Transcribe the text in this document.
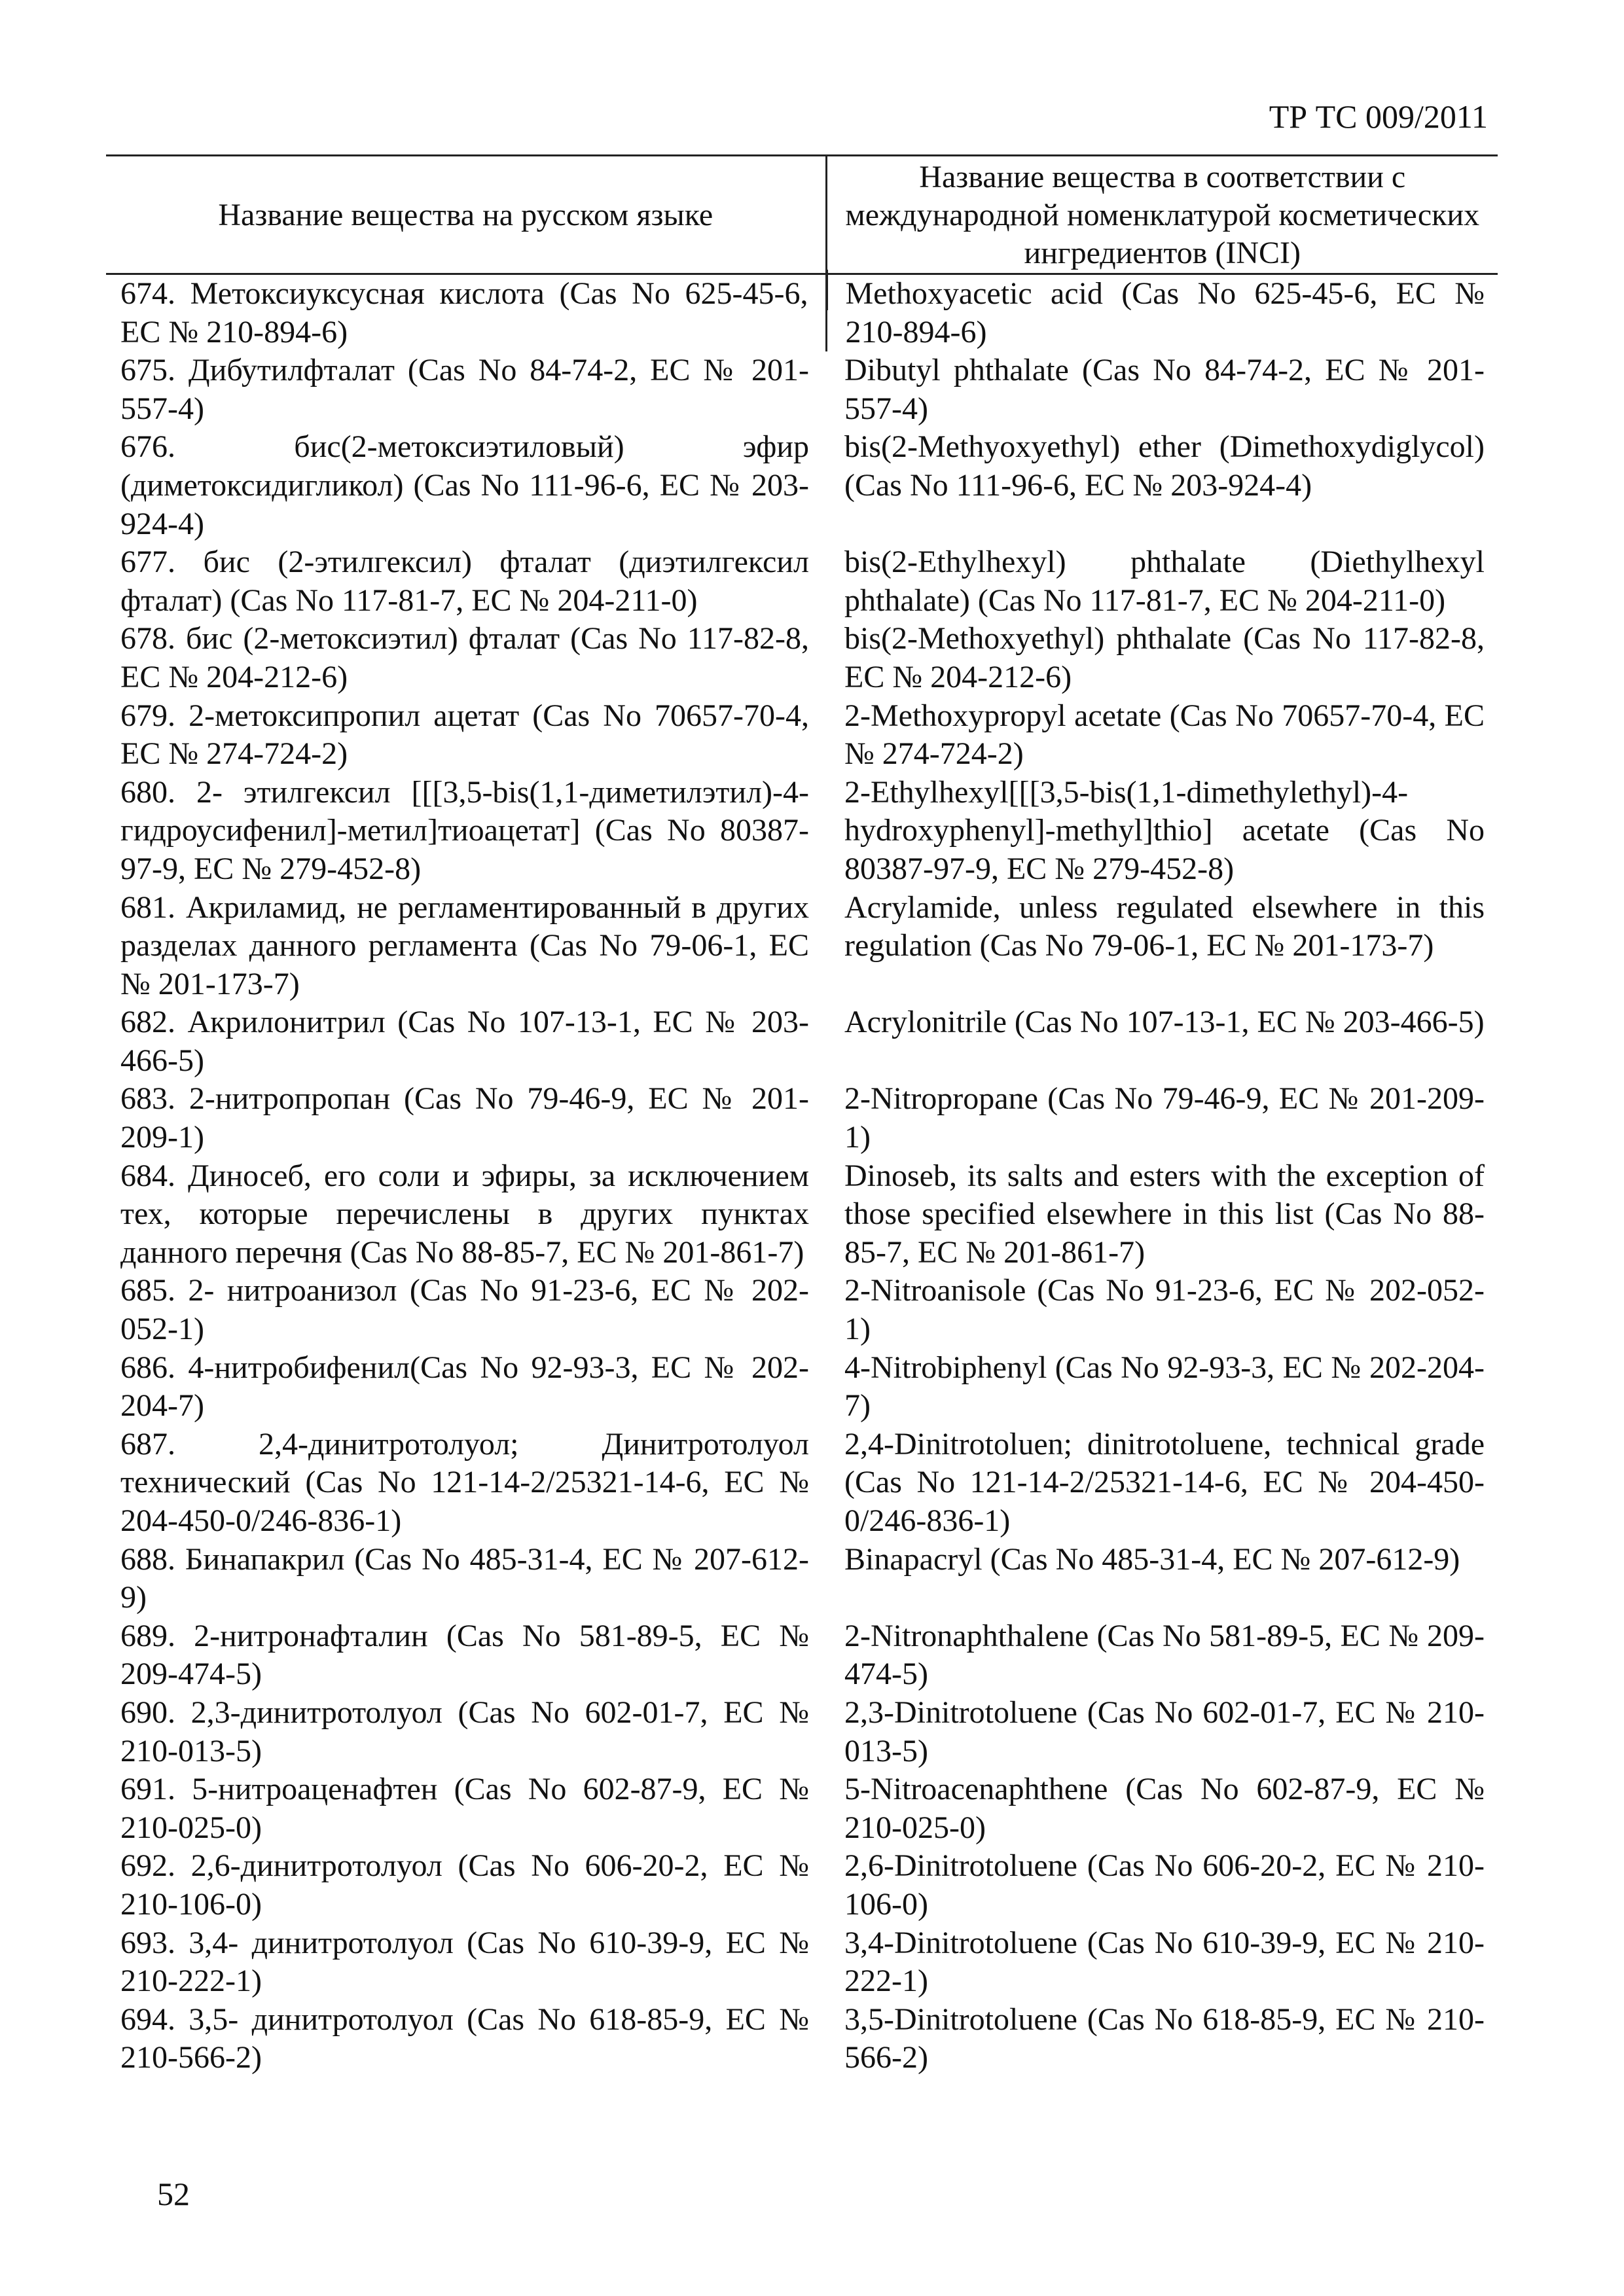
ТР ТС 009/2011
Название вещества на русском языке	Название вещества в соответствии с международной номенклатурой косметических ингредиентов (INCI)
674. Метоксиуксусная кислота (Cas No 625-45-6, ЕС № 210-894-6)	Methoxyacetic acid (Cas No 625-45-6, ЕС № 210-894-6)
675. Дибутилфталат (Cas No 84-74-2, ЕС № 201-557-4)	Dibutyl phthalate (Cas No 84-74-2, ЕС № 201-557-4)
676. бис(2-метоксиэтиловый) эфир (диметоксидигликол) (Cas No 111-96-6, ЕС № 203-924-4)	bis(2-Methyoxyethyl) ether (Dimethoxydiglycol) (Cas No 111-96-6, ЕС № 203-924-4)
677. бис (2-этилгексил) фталат (диэтилгексил фталат) (Cas No 117-81-7, ЕС № 204-211-0)	bis(2-Ethylhexyl) phthalate (Diethylhexyl phthalate) (Cas No 117-81-7, ЕС № 204-211-0)
678. бис (2-метоксиэтил) фталат (Cas No 117-82-8, ЕС № 204-212-6)	bis(2-Methoxyethyl) phthalate (Cas No 117-82-8, ЕС № 204-212-6)
679. 2-метоксипропил ацетат (Cas No 70657-70-4, ЕС № 274-724-2)	2-Methoxypropyl acetate (Cas No 70657-70-4, ЕС № 274-724-2)
680. 2- этилгексил [[[3,5-bis(1,1-диметилэтил)-4-гидроусифенил]-метил]тиоацетат] (Cas No 80387-97-9, ЕС № 279-452-8)	2-Ethylhexyl[[[3,5-bis(1,1-dimethylethyl)-4-hydroxyphenyl]-methyl]thio] acetate (Cas No 80387-97-9, ЕС № 279-452-8)
681. Акриламид, не регламентированный в других разделах данного регламента (Cas No 79-06-1, ЕС № 201-173-7)	Acrylamide, unless regulated elsewhere in this regulation (Cas No 79-06-1, ЕС № 201-173-7)
682. Акрилонитрил (Cas No 107-13-1, ЕС № 203-466-5)	Acrylonitrile (Cas No 107-13-1, ЕС № 203-466-5)
683. 2-нитропропан (Cas No 79-46-9, ЕС № 201-209-1)	2-Nitropropane (Cas No 79-46-9, ЕС № 201-209-1)
684. Диносеб, его соли и эфиры, за исключением тех, которые перечислены в других пунктах данного перечня (Cas No 88-85-7, ЕС № 201-861-7)	Dinoseb, its salts and esters with the exception of those specified elsewhere in this list (Cas No 88-85-7, ЕС № 201-861-7)
685. 2- нитроанизол (Cas No 91-23-6, ЕС № 202-052-1)	2-Nitroanisole (Cas No 91-23-6, ЕС № 202-052-1)
686. 4-нитробифенил(Cas No 92-93-3, ЕС № 202-204-7)	4-Nitrobiphenyl (Cas No 92-93-3, ЕС № 202-204-7)
687. 2,4-динитротолуол; Динитротолуол технический (Cas No 121-14-2/25321-14-6, ЕС № 204-450-0/246-836-1)	2,4-Dinitrotoluen; dinitrotoluene, technical grade (Cas No 121-14-2/25321-14-6, ЕС № 204-450-0/246-836-1)
688. Бинапакрил (Cas No 485-31-4, ЕС № 207-612-9)	Binapacryl (Cas No 485-31-4, ЕС № 207-612-9)
689. 2-нитронафталин (Cas No 581-89-5, ЕС № 209-474-5)	2-Nitronaphthalene (Cas No 581-89-5, ЕС № 209-474-5)
690. 2,3-динитротолуол (Cas No 602-01-7, ЕС № 210-013-5)	2,3-Dinitrotoluene (Cas No 602-01-7, ЕС № 210-013-5)
691. 5-нитроаценафтен (Cas No 602-87-9, ЕС № 210-025-0)	5-Nitroacenaphthene (Cas No 602-87-9, ЕС № 210-025-0)
692. 2,6-динитротолуол (Cas No 606-20-2, ЕС № 210-106-0)	2,6-Dinitrotoluene (Cas No 606-20-2, ЕС № 210-106-0)
693. 3,4- динитротолуол (Cas No 610-39-9, ЕС № 210-222-1)	3,4-Dinitrotoluene (Cas No 610-39-9, ЕС № 210-222-1)
694. 3,5- динитротолуол (Cas No 618-85-9, ЕС № 210-566-2)	3,5-Dinitrotoluene (Cas No 618-85-9, ЕС № 210-566-2)
52
